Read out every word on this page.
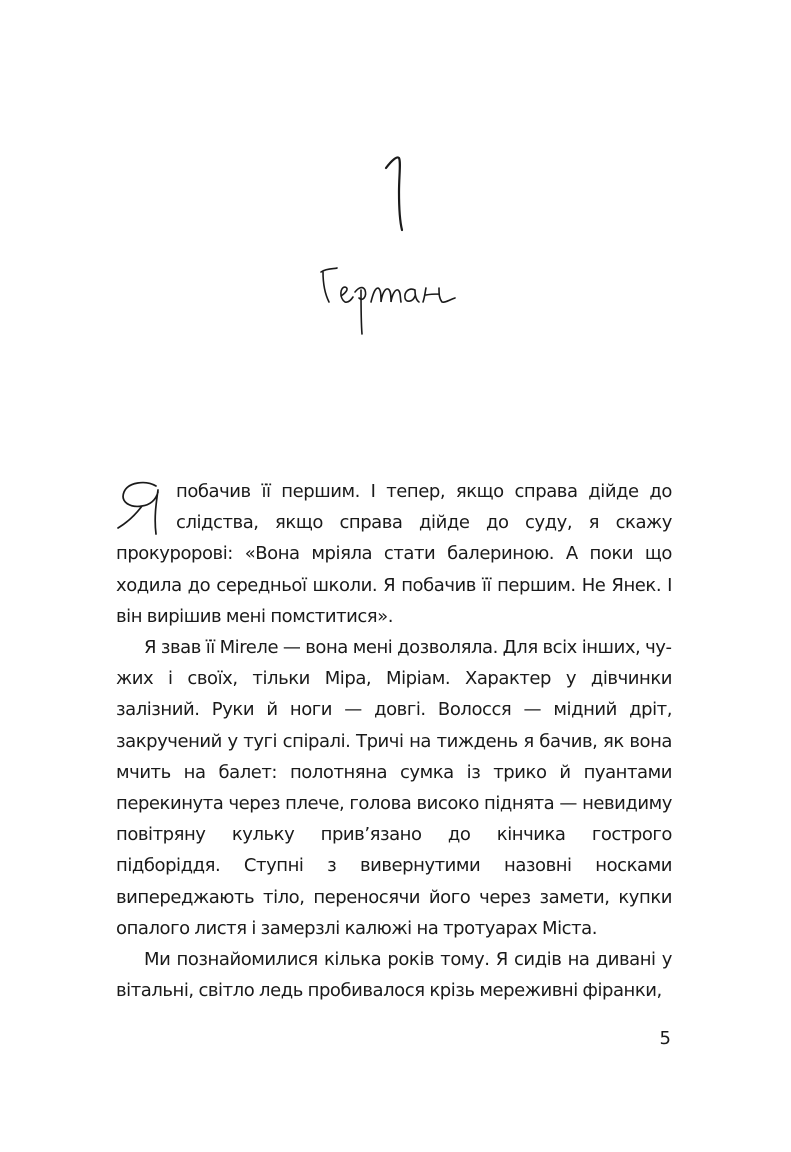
побачив її першим. І тепер, якщо справа дійде до слідства, якщо справа дійде до суду, я скажу прокуророві: «Вона мріяла стати балериною. А поки що ходила до середньої школи. Я побачив її першим. Не Янек. І він вирішив мені помститися».

Я звав її Мireле — вона мені дозволяла. Для всіх інших, чужих і своїх, тільки Міра, Міріам. Характер у дівчинки залізний. Руки й ноги — довгі. Волосся — мідний дріт, закручений у тугі спіралі. Тричі на тиждень я бачив, як вона мчить на балет: полотняна сумка із трико й пуантами перекинута через плече, голова високо піднята — невидиму повітряну кульку прив’язано до кінчика гострого підборіддя. Ступні з вивернутими назовні носками випереджають тіло, переносячи його через замети, купки опалого листя і замерзлі калюжі на тротуарах Міста.

Ми познайомилися кілька років тому. Я сидів на дивані у вітальні, світло ледь пробивалося крізь мереживні фіранки,

5
